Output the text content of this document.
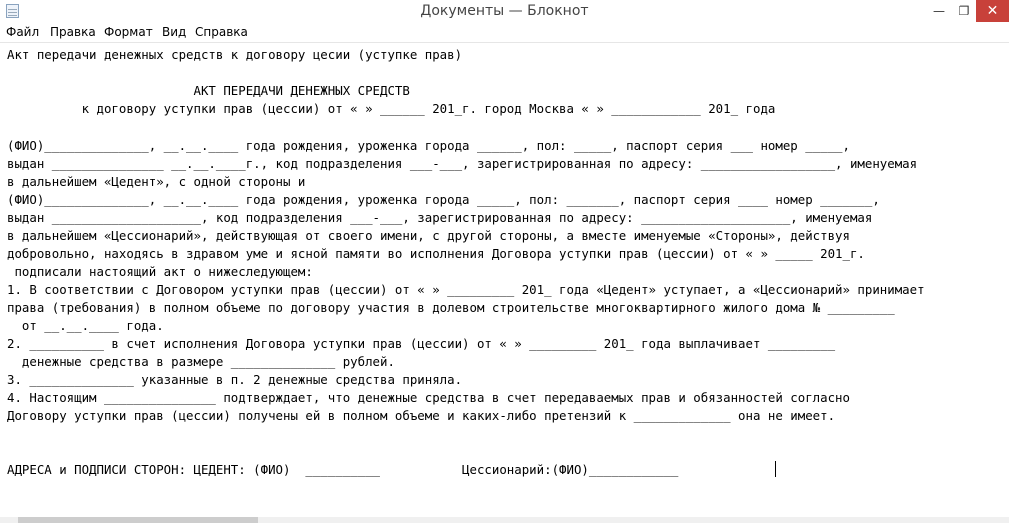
Документы — Блокнот	—	❐	✕
Файл Правка Формат Вид Справка
Акт передачи денежных средств к договору цесии (уступке прав)
АКТ ПЕРЕДАЧИ ДЕНЕЖНЫХ СРЕДСТВ
к договору уступки прав (цессии) от « » ______ 201_г. город Москва « » ____________ 201_ года
(ФИО)______________, __.__.____ года рождения, уроженка города ______, пол: _____, паспорт серия ___ номер _____,
выдан _______________ __.__.____г., код подразделения ___-___, зарегистрированная по адресу: __________________, именуемая
в дальнейшем «Цедент», с одной стороны и
(ФИО)______________, __.__.____ года рождения, уроженка города _____, пол: _______, паспорт серия ____ номер _______,
выдан ____________________, код подразделения ___-___, зарегистрированная по адресу: ____________________, именуемая
в дальнейшем «Цессионарий», действующая от своего имени, с другой стороны, а вместе именуемые «Стороны», действуя
добровольно, находясь в здравом уме и ясной памяти во исполнения Договора уступки прав (цессии) от « » _____ 201_г.
подписали настоящий акт о нижеследующем:
1. В соответствии с Договором уступки прав (цессии) от « » _________ 201_ года «Цедент» уступает, а «Цессионарий» принимает
права (требования) в полном объеме по договору участия в долевом строительстве многоквартирного жилого дома № _________
от __.__.____ года.
2. __________ в счет исполнения Договора уступки прав (цессии) от « » _________ 201_ года выплачивает _________
денежные средства в размере ______________ рублей.
3. ______________ указанные в п. 2 денежные средства приняла.
4. Настоящим _______________ подтверждает, что денежные средства в счет передаваемых прав и обязанностей согласно
Договору уступки прав (цессии) получены ей в полном объеме и каких-либо претензий к _____________ она не имеет.
АДРЕСА и ПОДПИСИ СТОРОН: ЦЕДЕНТ: (ФИО)  __________           Цессионарий:(ФИО)____________
